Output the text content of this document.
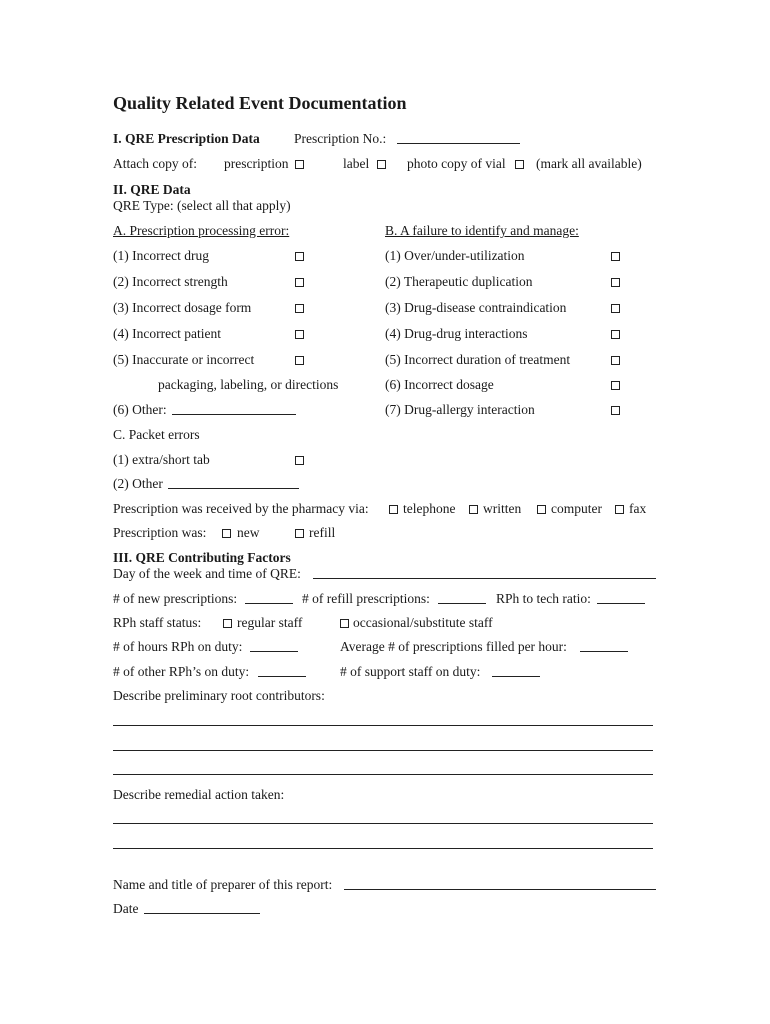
Quality Related Event Documentation
I. QRE Prescription Data	Prescription No.:
Attach copy of: prescription	label	photo copy of vial (mark all available)
II. QRE Data
QRE Type: (select all that apply)
A. Prescription processing error:	B. A failure to identify and manage:
(1) Incorrect drug	(1) Over/under-utilization
(2) Incorrect strength	(2) Therapeutic duplication
(3) Incorrect dosage form	(3) Drug-disease contraindication
(4) Incorrect patient	(4) Drug-drug interactions
(5) Inaccurate or incorrect	(5) Incorrect duration of treatment
packaging, labeling, or directions	(6) Incorrect dosage
(6) Other:	(7) Drug-allergy interaction
C. Packet errors
(1) extra/short tab
(2) Other
Prescription was received by the pharmacy via:	telephone written computer fax
Prescription was: new	refill
III. QRE Contributing Factors
Day of the week and time of QRE:
# of new prescriptions:	# of refill prescriptions:	RPh to tech ratio:
RPh staff status:	regular staff	occasional/substitute staff
# of hours RPh on duty:	Average # of prescriptions filled per hour:
# of other RPh’s on duty:	# of support staff on duty:
Describe preliminary root contributors:
Describe remedial action taken:
Name and title of preparer of this report:
Date
